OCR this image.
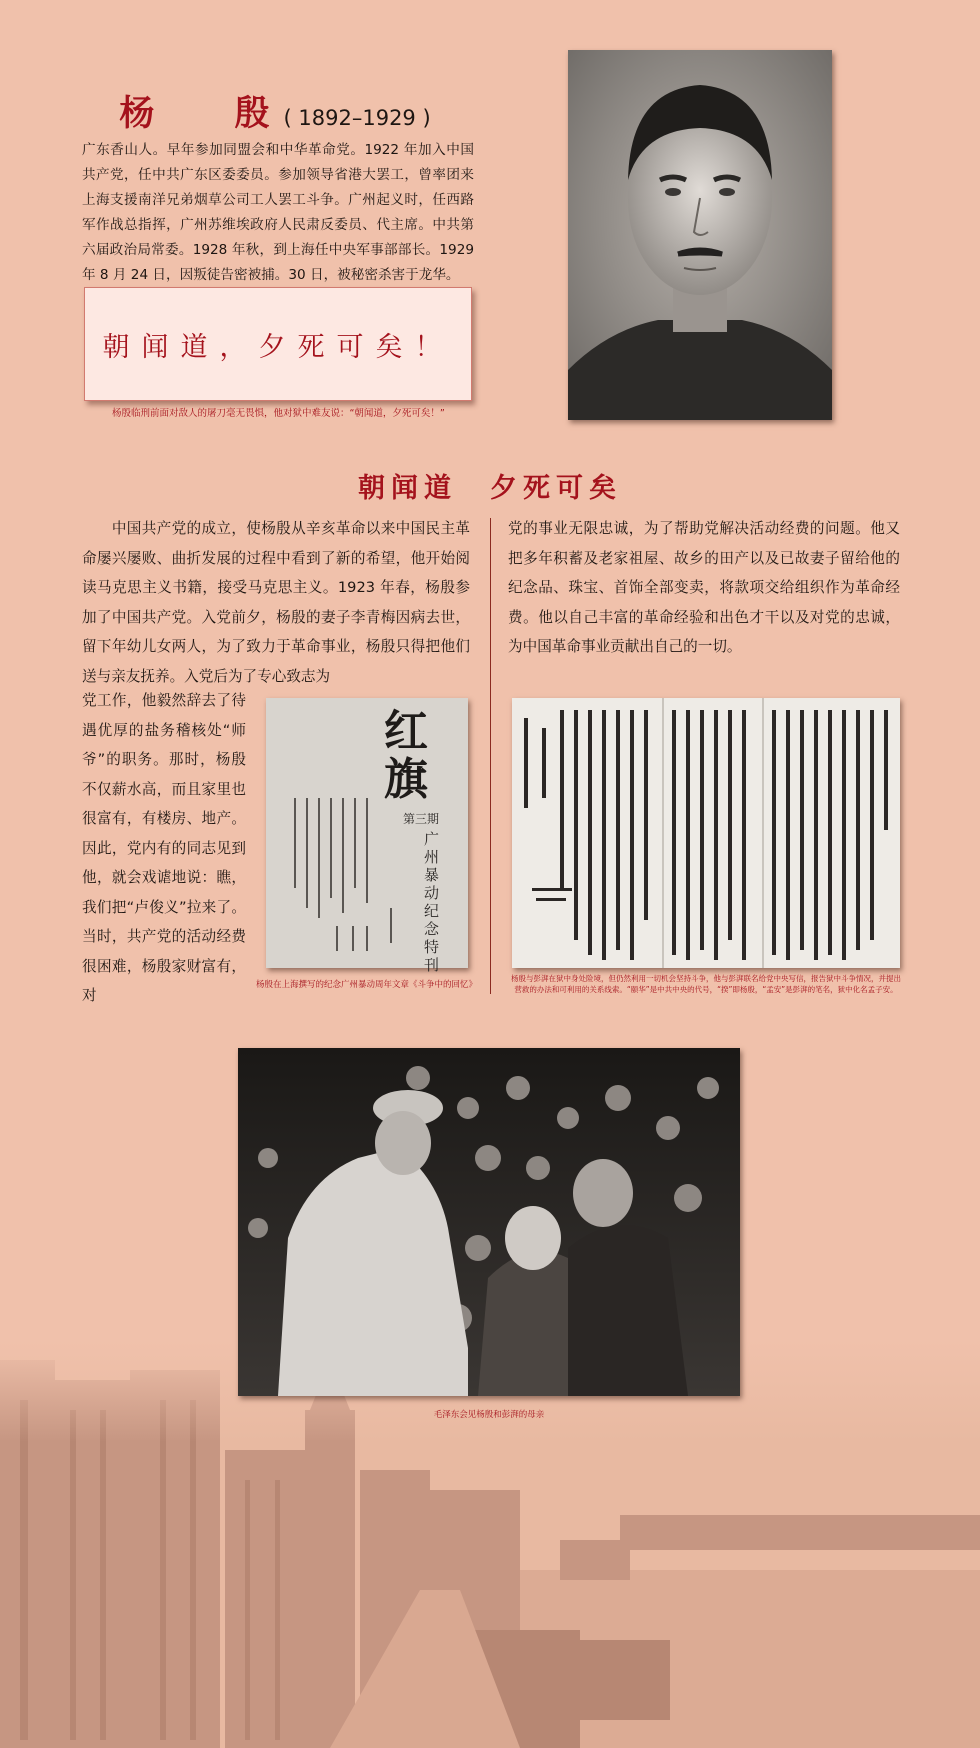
杨 殷( 1892–1929 )
广东香山人。早年参加同盟会和中华革命党。1922 年加入中国共产党，任中共广东区委委员。参加领导省港大罢工，曾率团来上海支援南洋兄弟烟草公司工人罢工斗争。广州起义时，任西路军作战总指挥，广州苏维埃政府人民肃反委员、代主席。中共第六届政治局常委。1928 年秋，到上海任中央军事部部长。1929 年 8 月 24 日，因叛徒告密被捕。30 日，被秘密杀害于龙华。
朝闻道，夕死可矣！
杨殷临刑前面对敌人的屠刀毫无畏惧，他对狱中难友说：“朝闻道，夕死可矣！”
朝闻道　夕死可矣
　　中国共产党的成立，使杨殷从辛亥革命以来中国民主革命屡兴屡败、曲折发展的过程中看到了新的希望，他开始阅读马克思主义书籍，接受马克思主义。1923 年春，杨殷参加了中国共产党。入党前夕，杨殷的妻子李青梅因病去世，留下年幼儿女两人，为了致力于革命事业，杨殷只得把他们送与亲友抚养。入党后为了专心致志为
党工作，他毅然辞去了待遇优厚的盐务稽核处“师爷”的职务。那时，杨殷不仅薪水高，而且家里也很富有，有楼房、地产。因此，党内有的同志见到他，就会戏谑地说：瞧，我们把“卢俊义”拉来了。当时，共产党的活动经费很困难，杨殷家财富有，对
党的事业无限忠诚，为了帮助党解决活动经费的问题。他又把多年积蓄及老家祖屋、故乡的田产以及已故妻子留给他的纪念品、珠宝、首饰全部变卖，将款项交给组织作为革命经费。他以自己丰富的革命经验和出色才干以及对党的忠诚，为中国革命事业贡献出自己的一切。
红旗
第三期
广州暴动纪念特刊
杨殷在上海撰写的纪念广州暴动周年文章《斗争中的回忆》
杨殷与彭湃在狱中身处险境，但仍然利用一切机会坚持斗争，他与彭湃联名给党中央写信，报告狱中斗争情况，并提出营救的办法和可利用的关系线索。“颐华”是中共中央的代号，“揆”即杨殷，“孟安”是彭湃的笔名，狱中化名孟子安。
毛泽东会见杨殷和彭湃的母亲
